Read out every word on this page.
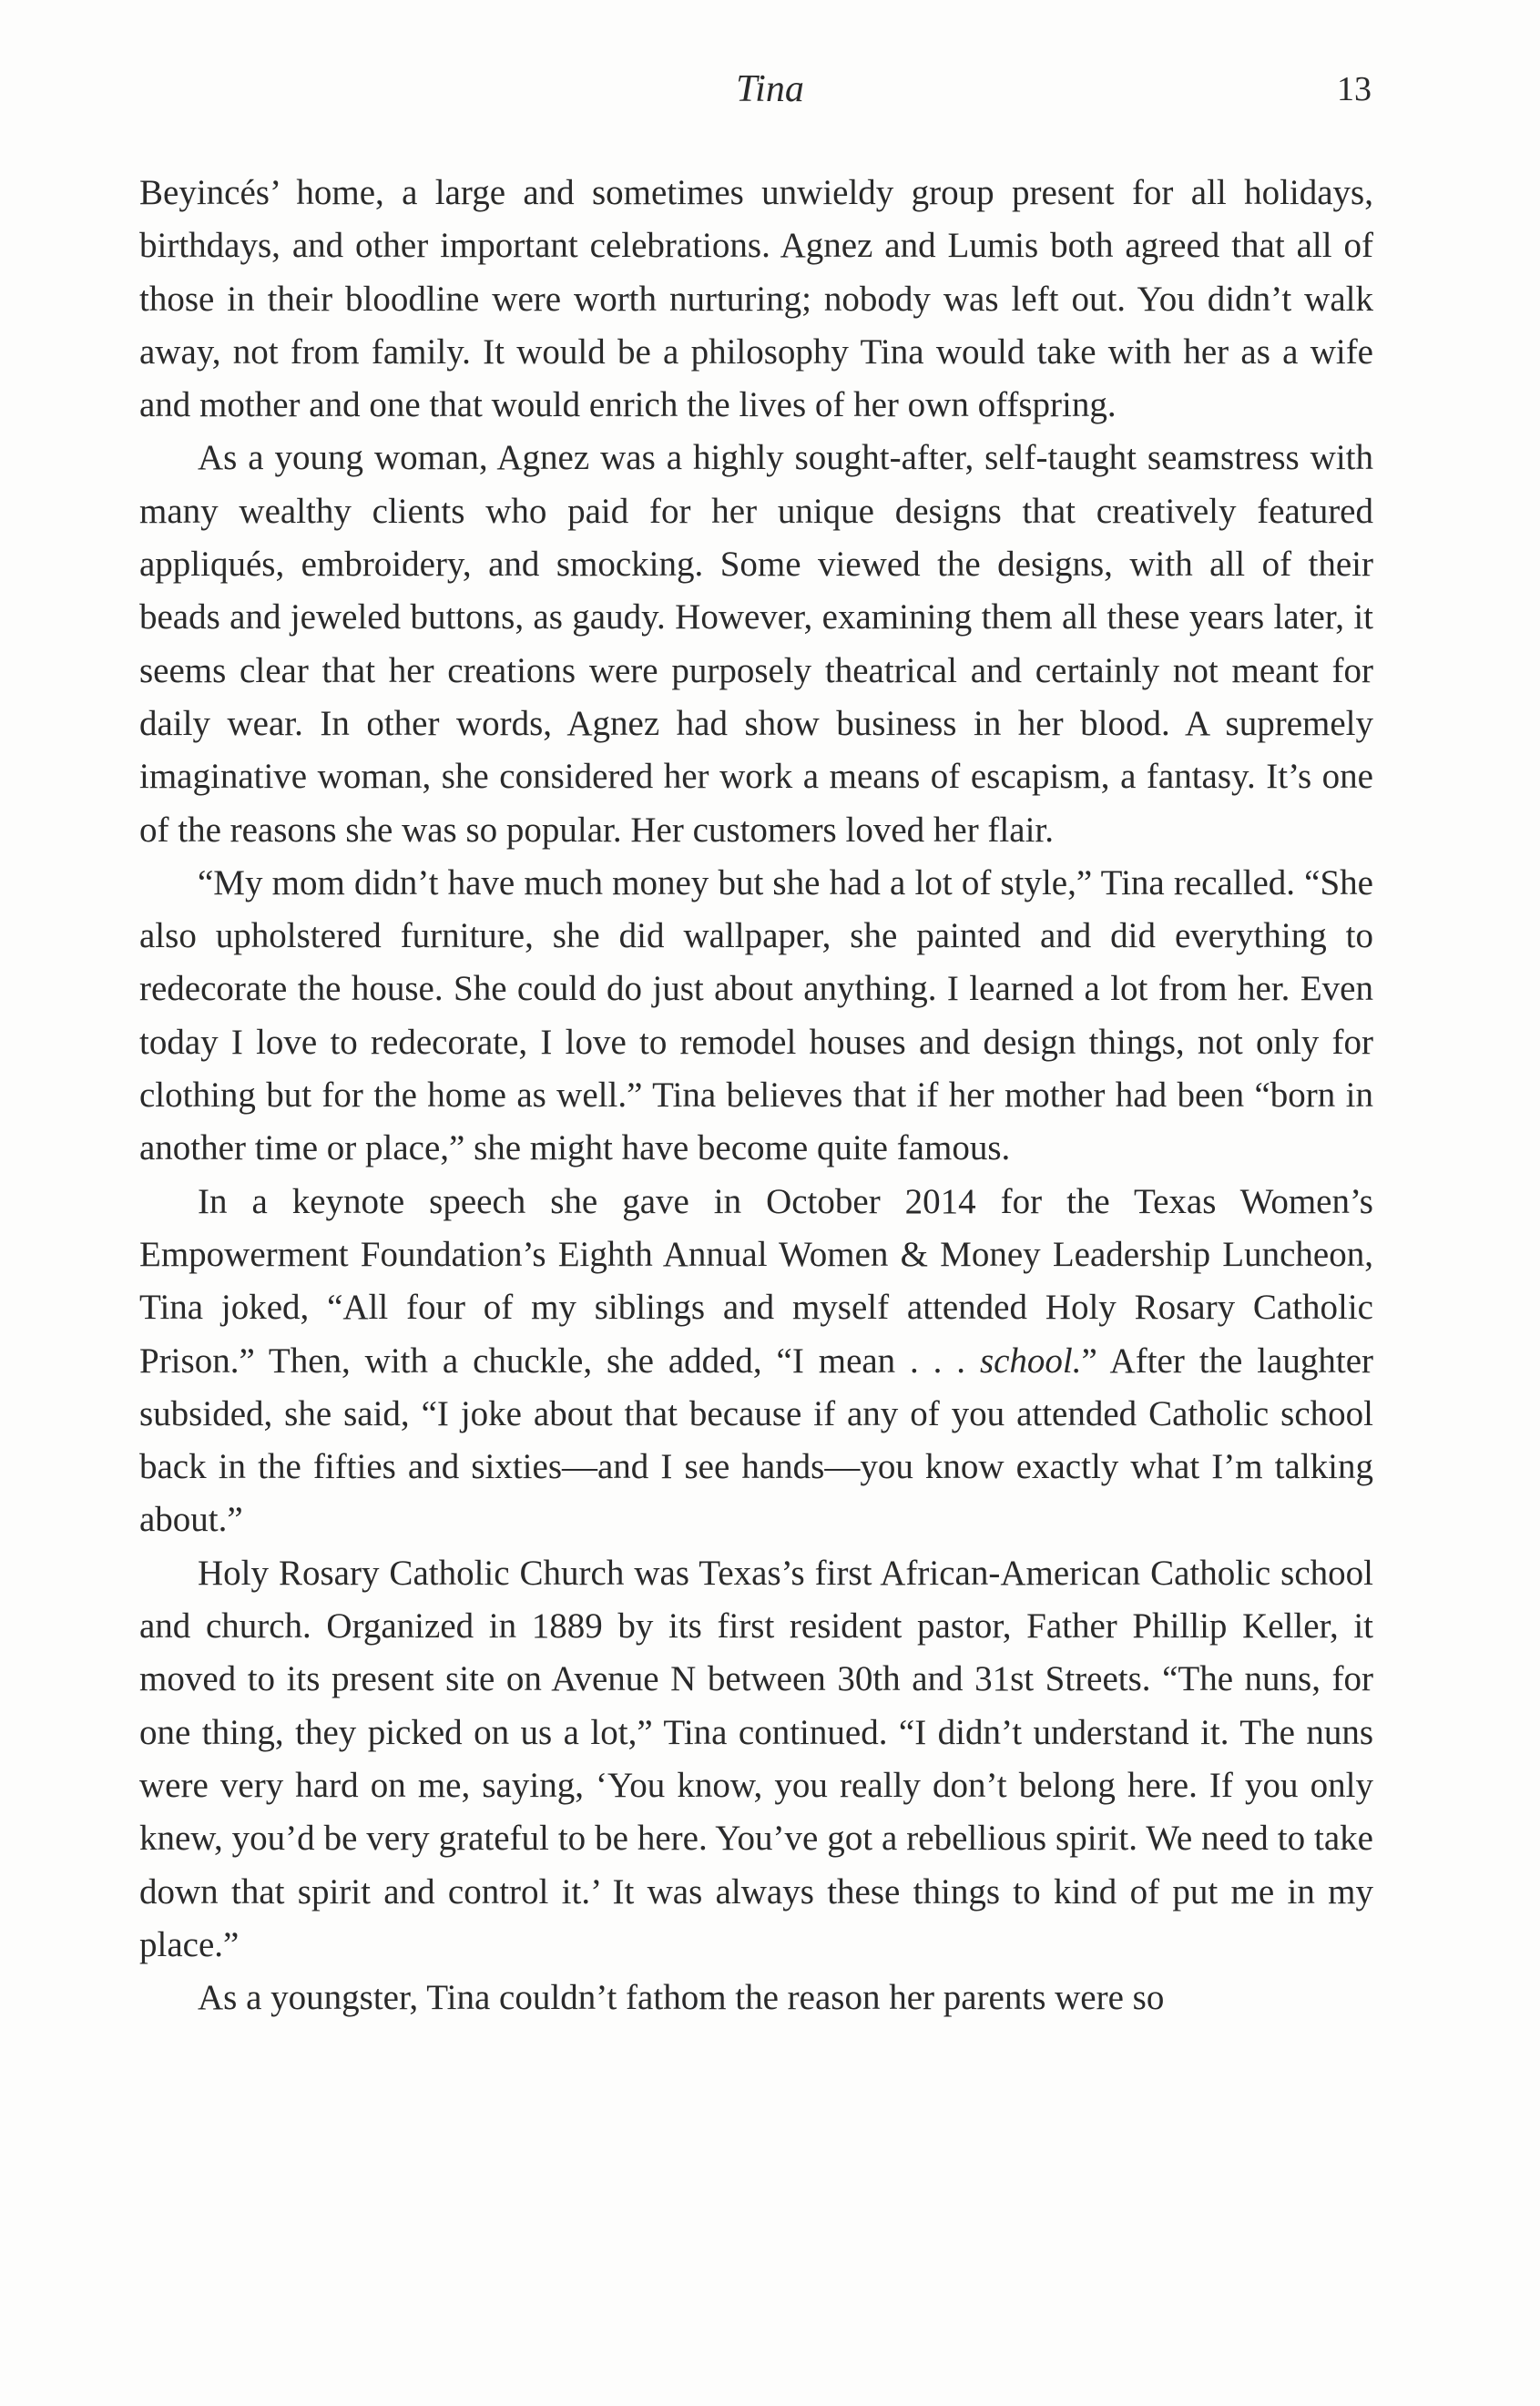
Tina	13

Beyincés’ home, a large and sometimes unwieldy group present for all holidays, birthdays, and other important celebrations. Agnez and Lumis both agreed that all of those in their bloodline were worth nurturing; nobody was left out. You didn’t walk away, not from family. It would be a philosophy Tina would take with her as a wife and mother and one that would enrich the lives of her own offspring.

As a young woman, Agnez was a highly sought-after, self-taught seamstress with many wealthy clients who paid for her unique designs that creatively featured appliqués, embroidery, and smocking. Some viewed the designs, with all of their beads and jeweled buttons, as gaudy. However, examining them all these years later, it seems clear that her creations were purposely theatrical and certainly not meant for daily wear. In other words, Agnez had show business in her blood. A supremely imaginative woman, she considered her work a means of escapism, a fantasy. It’s one of the reasons she was so popular. Her customers loved her flair.

“My mom didn’t have much money but she had a lot of style,” Tina recalled. “She also upholstered furniture, she did wallpaper, she painted and did everything to redecorate the house. She could do just about anything. I learned a lot from her. Even today I love to redecorate, I love to remodel houses and design things, not only for clothing but for the home as well.” Tina believes that if her mother had been “born in another time or place,” she might have become quite famous.

In a keynote speech she gave in October 2014 for the Texas Women’s Empowerment Foundation’s Eighth Annual Women & Money Leadership Luncheon, Tina joked, “All four of my siblings and myself attended Holy Rosary Catholic Prison.” Then, with a chuckle, she added, “I mean . . . school.” After the laughter subsided, she said, “I joke about that because if any of you attended Catholic school back in the fifties and sixties—and I see hands—you know exactly what I’m talking about.”

Holy Rosary Catholic Church was Texas’s first African-American Catholic school and church. Organized in 1889 by its first resident pastor, Father Phillip Keller, it moved to its present site on Avenue N between 30th and 31st Streets. “The nuns, for one thing, they picked on us a lot,” Tina continued. “I didn’t understand it. The nuns were very hard on me, saying, ‘You know, you really don’t belong here. If you only knew, you’d be very grateful to be here. You’ve got a rebellious spirit. We need to take down that spirit and control it.’ It was always these things to kind of put me in my place.”

As a youngster, Tina couldn’t fathom the reason her parents were so
